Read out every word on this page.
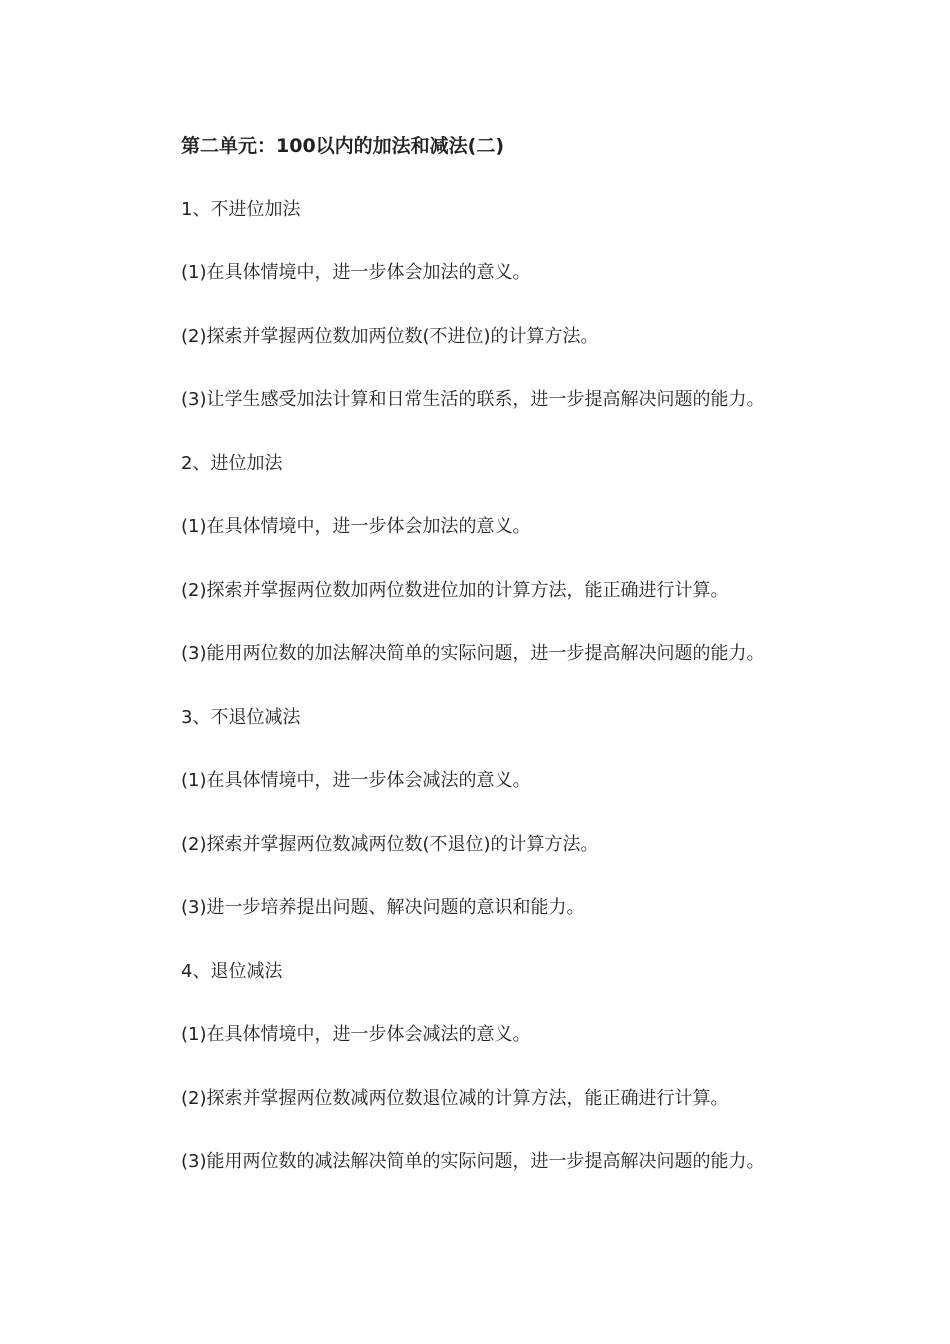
第二单元：100以内的加法和减法(二)
1、不进位加法
(1)在具体情境中，进一步体会加法的意义。
(2)探索并掌握两位数加两位数(不进位)的计算方法。
(3)让学生感受加法计算和日常生活的联系，进一步提高解决问题的能力。
2、进位加法
(1)在具体情境中，进一步体会加法的意义。
(2)探索并掌握两位数加两位数进位加的计算方法，能正确进行计算。
(3)能用两位数的加法解决简单的实际问题，进一步提高解决问题的能力。
3、不退位减法
(1)在具体情境中，进一步体会减法的意义。
(2)探索并掌握两位数减两位数(不退位)的计算方法。
(3)进一步培养提出问题、解决问题的意识和能力。
4、退位减法
(1)在具体情境中，进一步体会减法的意义。
(2)探索并掌握两位数减两位数退位减的计算方法，能正确进行计算。
(3)能用两位数的减法解决简单的实际问题，进一步提高解决问题的能力。
